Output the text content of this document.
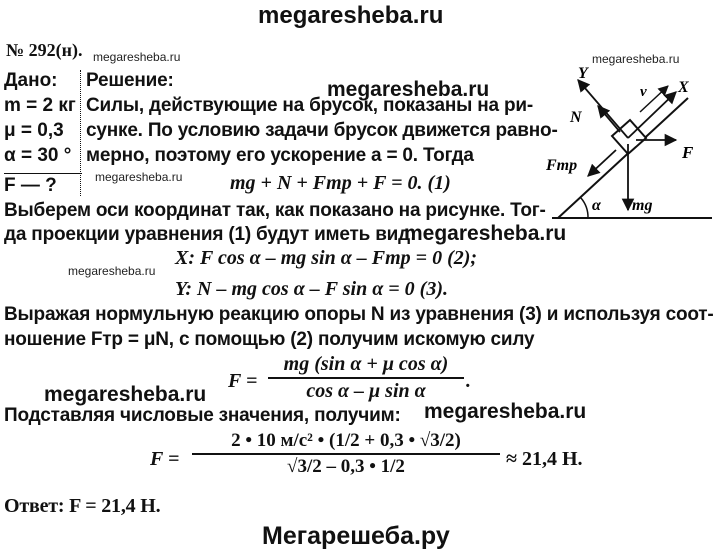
megaresheba.ru
№ 292(н). megaresheba.ru	megaresheba.ru
Дано:
m = 2 кг
μ = 0,3
α = 30 °
F — ?
Решение:	megaresheba.ru
Силы, действующие на брусок, показаны на ри-
сунке. По условию задачи брусок движется равно-
мерно, поэтому его ускорение a = 0. Тогда
megaresheba.ru mg + N + Fтр + F = 0. (1)
Выберем оси координат так, как показано на рисунке. Тог-
да проекции уравнения (1) будут иметь вид:
megaresheba.ru
X: F cos α – mg sin α – Fтр = 0 (2);
megaresheba.ru
Y: N – mg cos α – F sin α = 0 (3).
Выражая нормульную реакцию опоры N из уравнения (3) и используя соот-
ношение Fтр = μN, с помощью (2) получим искомую силу
F =
mg (sin α + μ cos α)
cos α – μ sin α	.
megaresheba.ru
megaresheba.ru
Подставляя числовые значения, получим:
F =
2 • 10 м/с² • (1/2 + 0,3 • √3/2)
√3/2 – 0,3 • 1/2	≈ 21,4 Н.
Ответ: F = 21,4 Н.
Мегарешеба.ру
α
X
Y
v
N
Fтр
F
mg
